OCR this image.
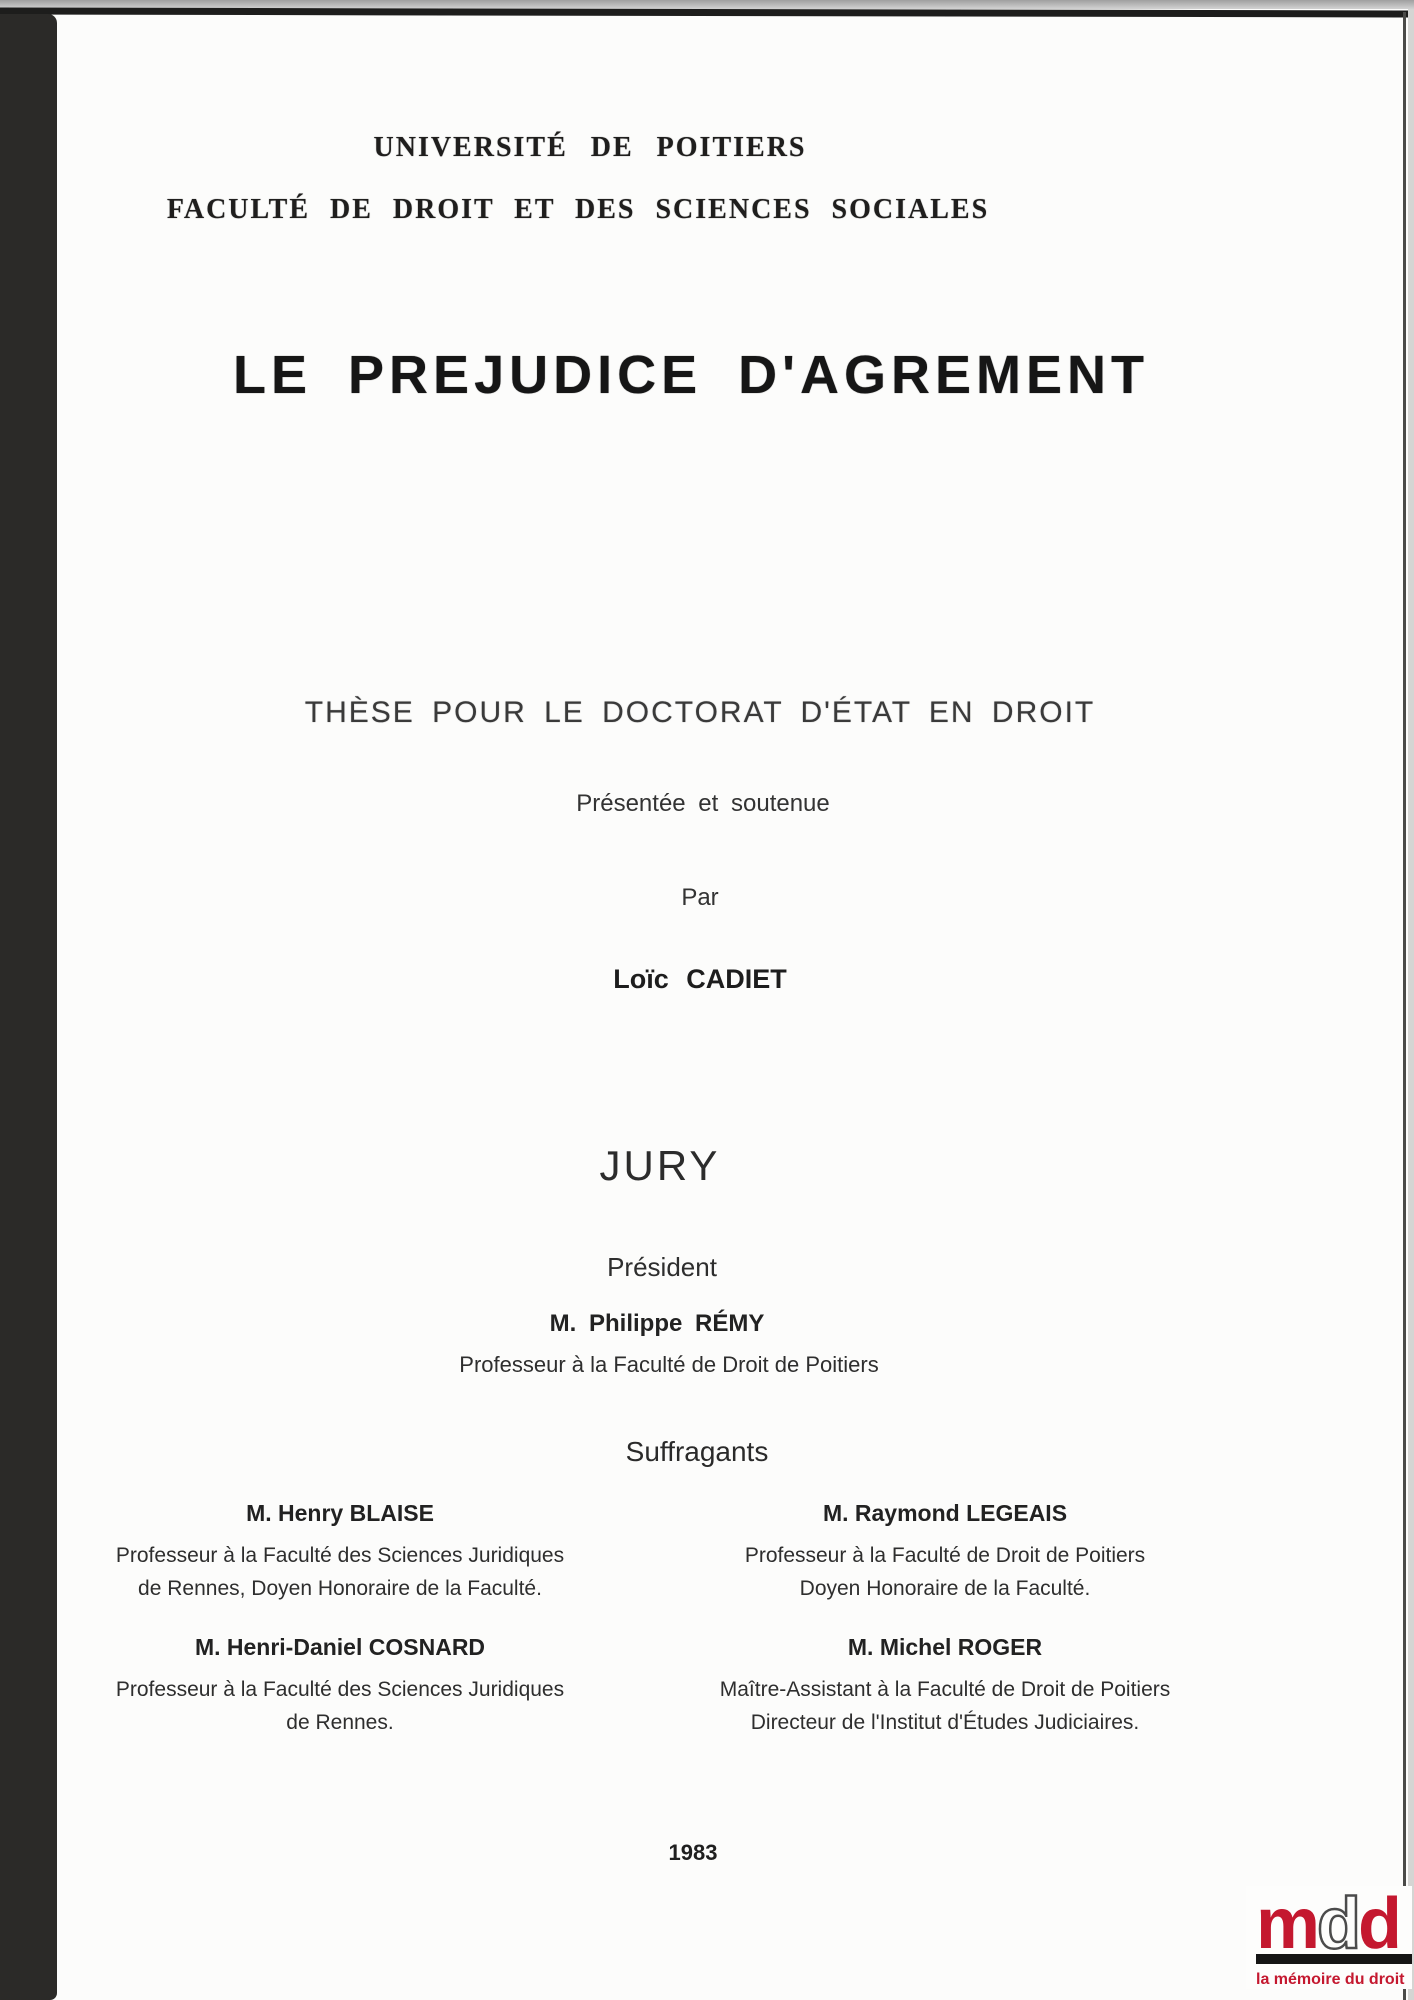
UNIVERSITÉ DE POITIERS
FACULTÉ DE DROIT ET DES SCIENCES SOCIALES
LE PREJUDICE D'AGREMENT
THÈSE POUR LE DOCTORAT D'ÉTAT EN DROIT
Présentée et soutenue
Par
Loïc CADIET
JURY
Président
M. Philippe RÉMY
Professeur à la Faculté de Droit de Poitiers
Suffragants
M. Henry BLAISE
Professeur à la Faculté des Sciences Juridiques
de Rennes, Doyen Honoraire de la Faculté.
M. Raymond LEGEAIS
Professeur à la Faculté de Droit de Poitiers
Doyen Honoraire de la Faculté.
M. Henri-Daniel COSNARD
Professeur à la Faculté des Sciences Juridiques
de Rennes.
M. Michel ROGER
Maître-Assistant à la Faculté de Droit de Poitiers
Directeur de l'Institut d'Études Judiciaires.
1983
mdd
la mémoire du droit
